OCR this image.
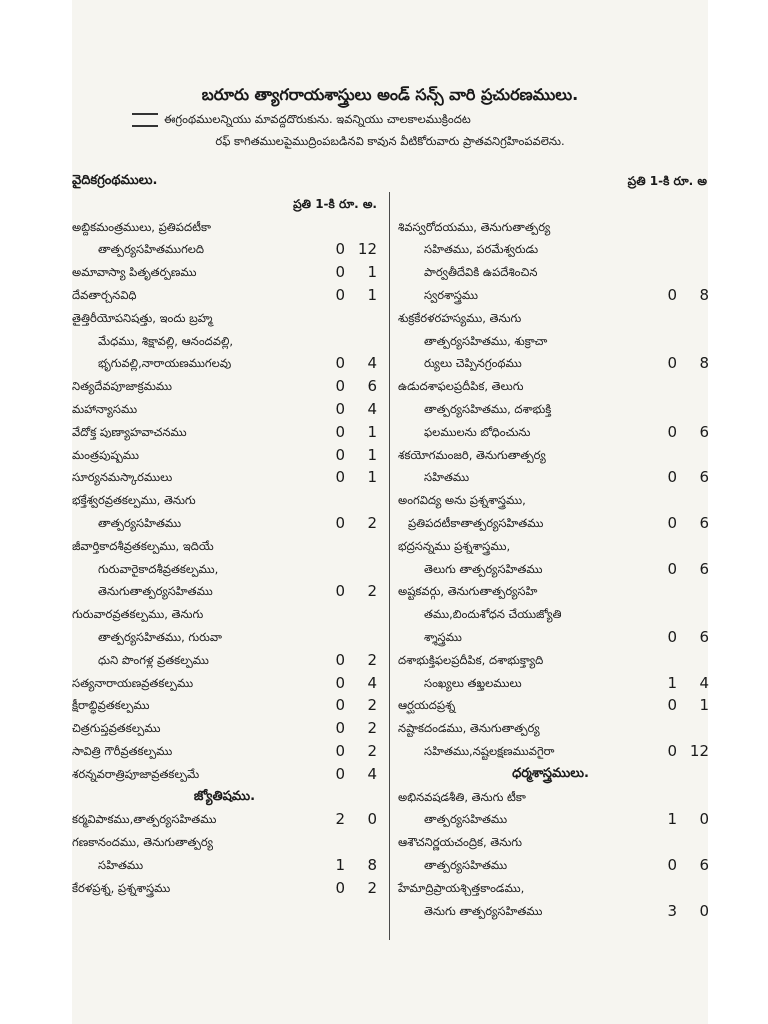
బరూరు త్యాగరాయశాస్త్రులు అండ్ సన్స్ వారి ప్రచురణములు.
ఈగ్రంథములన్నియు మావద్దదొరుకును. ఇవన్నియు చాలకాలముక్రిందట
రఫ్ కాగితములపైముద్రింపబడినవి కావున వీటికోరువారు ప్రాతవనిగ్రహింపవలెను.
వైదికగ్రంథములు.
ప్రతి 1-కి రూ. అ.
అబ్దికమంత్రములు, ప్రతిపదటీకా
తాత్పర్యసహితముగలది	0 12
అమావాస్యా పితృతర్పణము	0 1
దేవతార్చనవిధి	0 1
తైత్తిరీయోపనిషత్తు, ఇందు బ్రహ్మ
మేధము, శిక్షావల్లి, ఆనందవల్లి,
భృగువల్లి,నారాయణముగలవు	0 4
నిత్యదేవపూజాక్రమము	0 6
మహాన్యాసము	0 4
వేదోక్త పుణ్యాహవాచనము	0 1
మంత్రపుష్పము	0 1
సూర్యనమస్కారములు	0 1
భక్తేశ్వరవ్రతకల్పము, తెనుగు
తాత్పర్యసహితము	0 2
జీవార్తికాదశీవ్రతకల్పము, ఇదియే
గురువారైకాదశీవ్రతకల్పము,
తెనుగుతాత్పర్యసహితము	0 2
గురువారవ్రతకల్పము, తెనుగు
తాత్పర్యసహితము, గురువా
ధుని పొంగళ్ల వ్రతకల్పము	0 2
సత్యనారాయణవ్రతకల్పము	0 4
క్షీరాబ్ధివ్రతకల్పము	0 2
చిత్రగుప్తవ్రతకల్పము	0 2
సావిత్రి గౌరీవ్రతకల్పము	0 2
శరన్నవరాత్రిపూజావ్రతకల్పమే	0 4
జ్యోతిషము.
కర్మవిపాకము,తాత్పర్యసహితము	2 0
గణకానందము, తెనుగుతాత్పర్య
సహితము	1 8
కేరళప్రశ్న, ప్రశ్నశాస్త్రము	0 2
ప్రతి 1-కి రూ. అ
శివస్వరోదయము, తెనుగుతాత్పర్య
సహితము, పరమేశ్వరుడు
పార్వతీదేవికి ఉపదేశించిన
స్వరశాస్త్రము	0 8
శుక్రకేరళరహస్యము, తెనుగు
తాత్పర్యసహితము, శుక్రాచా
ర్యులు చెప్పినగ్రంథము	0 8
ఉడుదశాఫలప్రదీపిక, తెలుగు
తాత్పర్యసహితము, దశాభుక్తి
ఫలములను బోధించును	0 6
శకయోగమంజరి, తెనుగుతాత్పర్య
సహితము	0 6
అంగవిద్య అను ప్రశ్నశాస్త్రము,
ప్రతిపదటీకాతాత్పర్యసహితము	0 6
భద్రసన్నము ప్రశ్నశాస్త్రము,
తెలుగు తాత్పర్యసహితము	0 6
అష్టకవర్గు, తెనుగుతాత్పర్యసహి
తము,బిందుశోధన చేయుజ్యోతి
శ్శాస్త్రము	0 6
దశాభుక్తిఫలప్రదీపిక, దశాభుక్త్యాది
సంఖ్యలు తఖ్తలములు	1 4
ఆర్ఘయదప్రశ్న	0 1
నష్టాకదండము, తెనుగుతాత్పర్య
సహితము,నష్టలక్షణమువగైరా	0 12
ధర్మశాస్త్రములు.
అభినవషడశీతి, తెనుగు టీకా
తాత్పర్యసహితము	1 0
ఆశౌచనిర్ణయచంద్రిక, తెనుగు
తాత్పర్యసహితము	0 6
హేమాద్రిప్రాయశ్చిత్తకాండము,
తెనుగు తాత్పర్యసహితము	3 0
